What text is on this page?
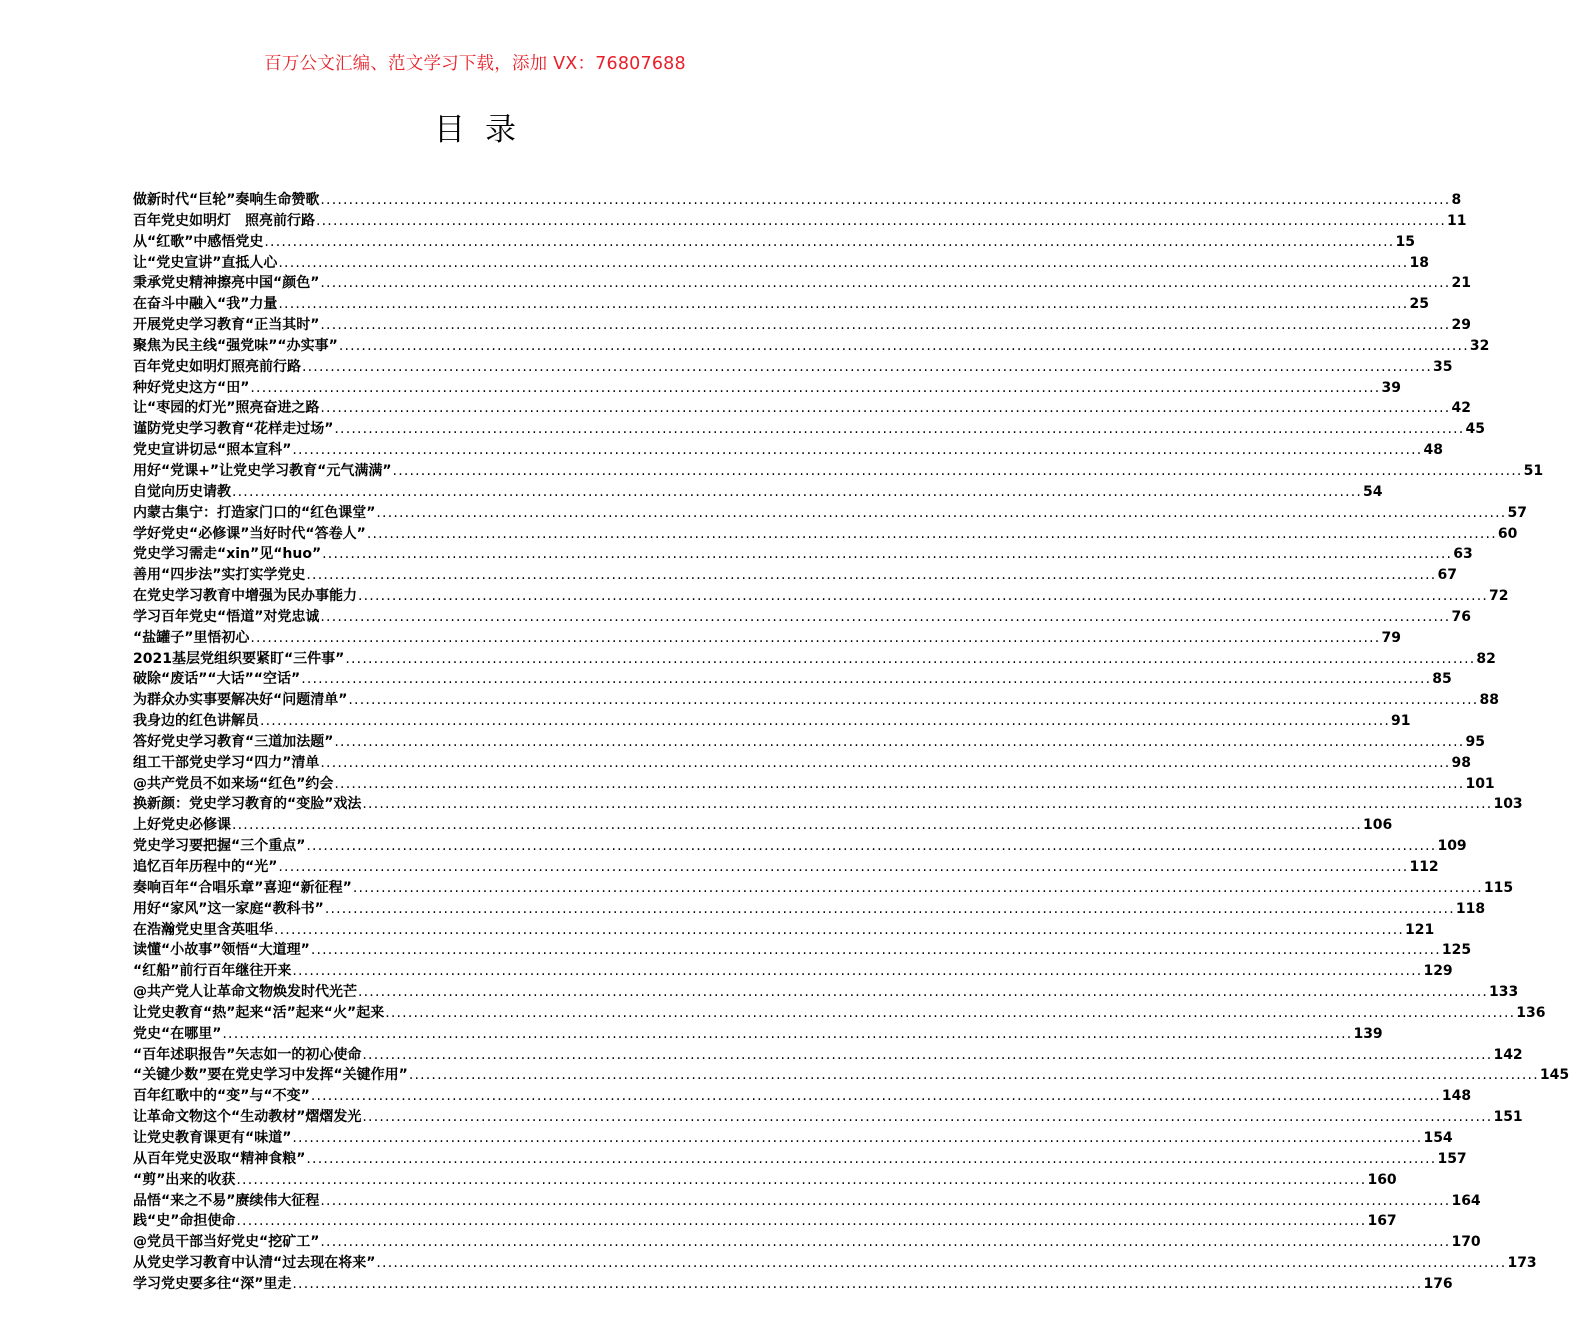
百万公文汇编、范文学习下载，添加 VX：76807688
目录
做新时代“巨轮”奏响生命赞歌 ........................................................................................................................................................................................................ 8
百年党史如明灯　照亮前行路 ........................................................................................................................................................................................................ 11
从“红歌”中感悟党史 ........................................................................................................................................................................................................ 15
让“党史宣讲”直抵人心 ........................................................................................................................................................................................................ 18
秉承党史精神擦亮中国“颜色” ........................................................................................................................................................................................................ 21
在奋斗中融入“我”力量 ........................................................................................................................................................................................................ 25
开展党史学习教育“正当其时” ........................................................................................................................................................................................................ 29
聚焦为民主线“强党味”“办实事” ........................................................................................................................................................................................................ 32
百年党史如明灯照亮前行路 ........................................................................................................................................................................................................ 35
种好党史这方“田” ........................................................................................................................................................................................................ 39
让“枣园的灯光”照亮奋进之路 ........................................................................................................................................................................................................ 42
谨防党史学习教育“花样走过场” ........................................................................................................................................................................................................ 45
党史宣讲切忌“照本宣科” ........................................................................................................................................................................................................ 48
用好“党课+”让党史学习教育“元气满满” ........................................................................................................................................................................................................ 51
自觉向历史请教 ........................................................................................................................................................................................................ 54
内蒙古集宁：打造家门口的“红色课堂” ........................................................................................................................................................................................................ 57
学好党史“必修课”当好时代“答卷人” ........................................................................................................................................................................................................ 60
党史学习需走“xin”见“huo” ........................................................................................................................................................................................................ 63
善用“四步法”实打实学党史 ........................................................................................................................................................................................................ 67
在党史学习教育中增强为民办事能力 ........................................................................................................................................................................................................ 72
学习百年党史“悟道”对党忠诚 ........................................................................................................................................................................................................ 76
“盐罐子”里悟初心 ........................................................................................................................................................................................................ 79
2021基层党组织要紧盯“三件事” ........................................................................................................................................................................................................ 82
破除“废话”“大话”“空话” ........................................................................................................................................................................................................ 85
为群众办实事要解决好“问题清单” ........................................................................................................................................................................................................ 88
我身边的红色讲解员 ........................................................................................................................................................................................................ 91
答好党史学习教育“三道加法题” ........................................................................................................................................................................................................ 95
组工干部党史学习“四力”清单 ........................................................................................................................................................................................................ 98
@共产党员不如来场“红色”约会 ........................................................................................................................................................................................................ 101
换新颜：党史学习教育的“变脸”戏法 ........................................................................................................................................................................................................ 103
上好党史必修课 ........................................................................................................................................................................................................ 106
党史学习要把握“三个重点” ........................................................................................................................................................................................................ 109
追忆百年历程中的“光” ........................................................................................................................................................................................................ 112
奏响百年“合唱乐章”喜迎“新征程” ........................................................................................................................................................................................................ 115
用好“家风”这一家庭“教科书” ........................................................................................................................................................................................................ 118
在浩瀚党史里含英咀华 ........................................................................................................................................................................................................ 121
读懂“小故事”领悟“大道理” ........................................................................................................................................................................................................ 125
“红船”前行百年继往开来 ........................................................................................................................................................................................................ 129
@共产党人让革命文物焕发时代光芒 ........................................................................................................................................................................................................ 133
让党史教育“热”起来“活”起来“火”起来 ........................................................................................................................................................................................................ 136
党史“在哪里” ........................................................................................................................................................................................................ 139
“百年述职报告”矢志如一的初心使命 ........................................................................................................................................................................................................ 142
“关键少数”要在党史学习中发挥“关键作用” ........................................................................................................................................................................................................ 145
百年红歌中的“变”与“不变” ........................................................................................................................................................................................................ 148
让革命文物这个“生动教材”熠熠发光 ........................................................................................................................................................................................................ 151
让党史教育课更有“味道” ........................................................................................................................................................................................................ 154
从百年党史汲取“精神食粮” ........................................................................................................................................................................................................ 157
“剪”出来的收获 ........................................................................................................................................................................................................ 160
品悟“来之不易”赓续伟大征程 ........................................................................................................................................................................................................ 164
践“史”命担使命 ........................................................................................................................................................................................................ 167
@党员干部当好党史“挖矿工” ........................................................................................................................................................................................................ 170
从党史学习教育中认清“过去现在将来” ........................................................................................................................................................................................................ 173
学习党史要多往“深”里走 ........................................................................................................................................................................................................ 176
